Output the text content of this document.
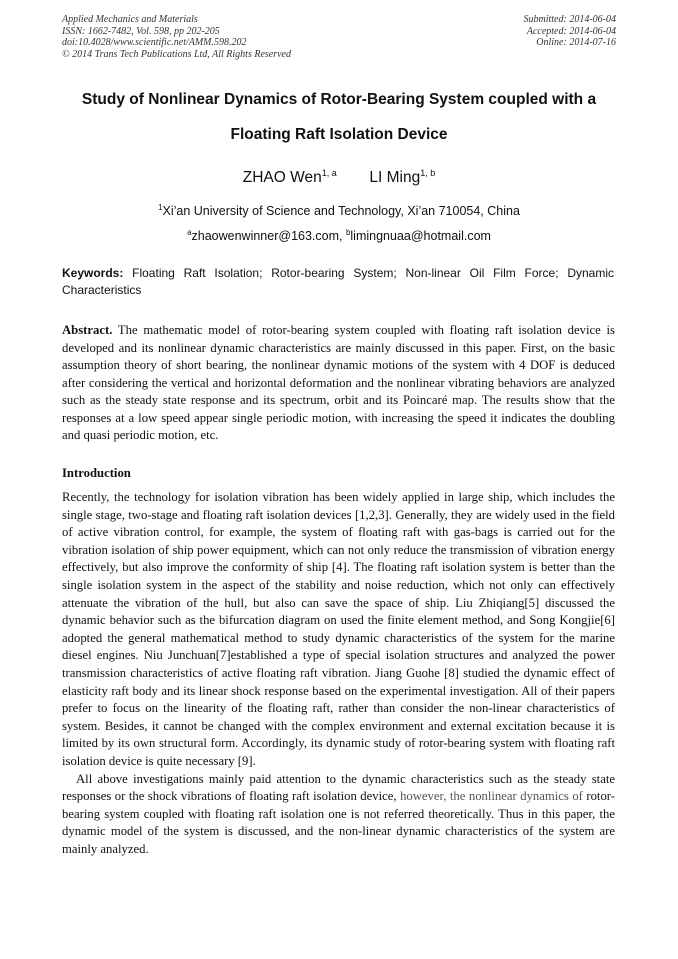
Applied Mechanics and Materials
ISSN: 1662-7482, Vol. 598, pp 202-205
doi:10.4028/www.scientific.net/AMM.598.202
© 2014 Trans Tech Publications Ltd, All Rights Reserved
Submitted: 2014-06-04
Accepted: 2014-06-04
Online: 2014-07-16
Study of Nonlinear Dynamics of Rotor-Bearing System coupled with a
Floating Raft Isolation Device
ZHAO Wen$^{1, a}$ LI Ming$^{1, b}$
$^1$Xi’an University of Science and Technology, Xi’an 710054, China
$^a$zhaowenwinner@163.com, $^b$limingnuaa@hotmail.com
Keywords: Floating Raft Isolation; Rotor-bearing System; Non-linear Oil Film Force; Dynamic Characteristics
Abstract. The mathematic model of rotor-bearing system coupled with floating raft isolation device is developed and its nonlinear dynamic characteristics are mainly discussed in this paper. First, on the basic assumption theory of short bearing, the nonlinear dynamic motions of the system with 4 DOF is deduced after considering the vertical and horizontal deformation and the nonlinear vibrating behaviors are analyzed such as the steady state response and its spectrum, orbit and its Poincaré map. The results show that the responses at a low speed appear single periodic motion, with increasing the speed it indicates the doubling and quasi periodic motion, etc.
Introduction

Recently, the technology for isolation vibration has been widely applied in large ship, which includes the single stage, two-stage and floating raft isolation devices [1,2,3]. Generally, they are widely used in the field of active vibration control, for example, the system of floating raft with gas-bags is carried out for the vibration isolation of ship power equipment, which can not only reduce the transmission of vibration energy effectively, but also improve the conformity of ship [4]. The floating raft isolation system is better than the single isolation system in the aspect of the stability and noise reduction, which not only can effectively attenuate the vibration of the hull, but also can save the space of ship. Liu Zhiqiang[5] discussed the dynamic behavior such as the bifurcation diagram on used the finite element method, and Song Kongjie[6] adopted the general mathematical method to study dynamic characteristics of the system for the marine diesel engines. Niu Junchuan[7]established a type of special isolation structures and analyzed the power transmission characteristics of active floating raft vibration. Jiang Guohe [8] studied the dynamic effect of elasticity raft body and its linear shock response based on the experimental investigation. All of their papers prefer to focus on the linearity of the floating raft, rather than consider the non-linear characteristics of system. Besides, it cannot be changed with the complex environment and external excitation because it is limited by its own structural form. Accordingly, its dynamic study of rotor-bearing system with floating raft isolation device is quite necessary [9].

All above investigations mainly paid attention to the dynamic characteristics such as the steady state responses or the shock vibrations of floating raft isolation device, however, the nonlinear dynamics of rotor-bearing system coupled with floating raft isolation one is not referred theoretically. Thus in this paper, the dynamic model of the system is discussed, and the non-linear dynamic characteristics of the system are mainly analyzed.
